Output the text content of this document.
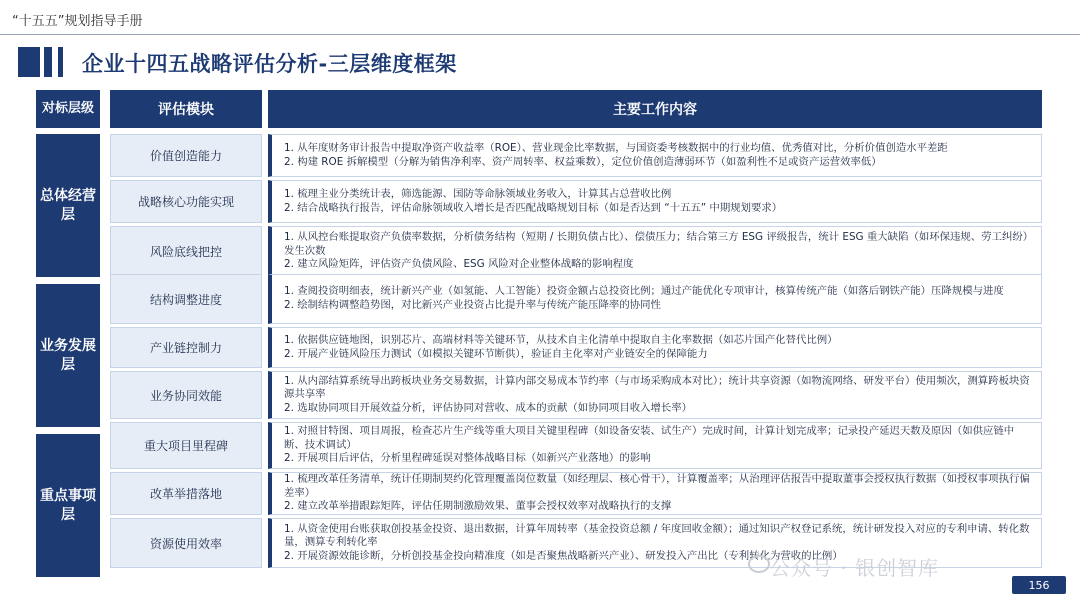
“十五五”规划指导手册
企业十四五战略评估分析-三层维度框架
对标层级	评估模块	主要工作内容
总体经营层
业务发展层
重点事项层
价值创造能力

1. 从年度财务审计报告中提取净资产收益率（ROE）、营业现金比率数据，与国资委考核数据中的行业均值、优秀值对比，分析价值创造水平差距

2. 构建 ROE 拆解模型（分解为销售净利率、资产周转率、权益乘数），定位价值创造薄弱环节（如盈利性不足或资产运营效率低）

战略核心功能实现

1. 梳理主业分类统计表，筛选能源、国防等命脉领域业务收入，计算其占总营收比例

2. 结合战略执行报告，评估命脉领域收入增长是否匹配战略规划目标（如是否达到 “十五五” 中期规划要求）

风险底线把控

1. 从风控台账提取资产负债率数据，分析债务结构（短期 / 长期负债占比）、偿债压力；结合第三方 ESG 评级报告，统计 ESG 重大缺陷（如环保违规、劳工纠纷）发生次数

2. 建立风险矩阵，评估资产负债风险、ESG 风险对企业整体战略的影响程度

结构调整进度

1. 查阅投资明细表，统计新兴产业（如氢能、人工智能）投资金额占总投资比例；通过产能优化专项审计，核算传统产能（如落后钢铁产能）压降规模与进度

2. 绘制结构调整趋势图，对比新兴产业投资占比提升率与传统产能压降率的协同性

产业链控制力

1. 依据供应链地图，识别芯片、高端材料等关键环节，从技术自主化清单中提取自主化率数据（如芯片国产化替代比例）

2. 开展产业链风险压力测试（如模拟关键环节断供），验证自主化率对产业链安全的保障能力

业务协同效能

1. 从内部结算系统导出跨板块业务交易数据，计算内部交易成本节约率（与市场采购成本对比）；统计共享资源（如物流网络、研发平台）使用频次，测算跨板块资源共享率

2. 选取协同项目开展效益分析，评估协同对营收、成本的贡献（如协同项目收入增长率）

重大项目里程碑

1. 对照甘特图、项目周报，检查芯片生产线等重大项目关键里程碑（如设备安装、试生产）完成时间，计算计划完成率；记录投产延迟天数及原因（如供应链中断、技术调试）

2. 开展项目后评估，分析里程碑延误对整体战略目标（如新兴产业落地）的影响

改革举措落地

1. 梳理改革任务清单，统计任期制契约化管理覆盖岗位数量（如经理层、核心骨干），计算覆盖率；从治理评估报告中提取董事会授权执行数据（如授权事项执行偏差率）

2. 建立改革举措跟踪矩阵，评估任期制激励效果、董事会授权效率对战略执行的支撑

资源使用效率

1. 从资金使用台账获取创投基金投资、退出数据，计算年周转率（基金投资总额 / 年度回收金额）；通过知识产权登记系统，统计研发投入对应的专利申请、转化数量，测算专利转化率

2. 开展资源效能诊断，分析创投基金投向精准度（如是否聚焦战略新兴产业）、研发投入产出比（专利转化为营收的比例）

公众号 · 银创智库
156
